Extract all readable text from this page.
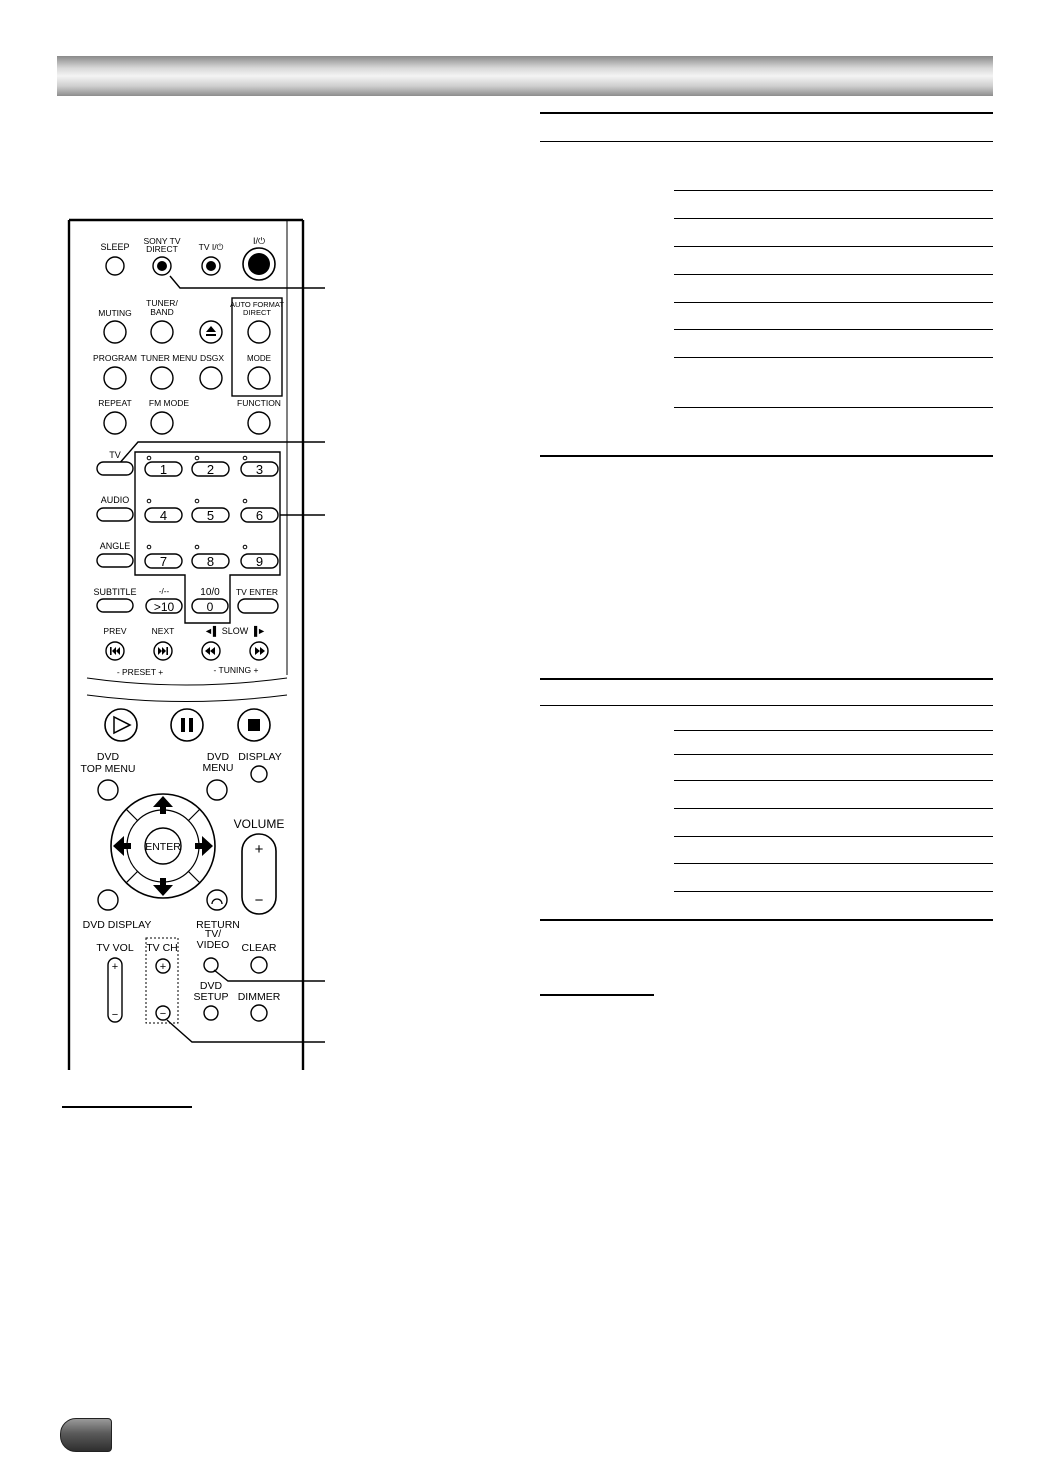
SLEEP
SONY TV
DIRECT TV I/⏻
I/⏻
MUTING
TUNER/
BAND
AUTO FORMAT
DIRECT
PROGRAM TUNER MENU DSGX	MODE
REPEAT FM MODE	FUNCTION
TV
AUDIO
ANGLE
SUBTITLE
1	2	3
4	5	6
7	8	9
-/--
>10
10/0
0
TV ENTER
PREV	NEXT	◄▌ SLOW ▐►
- PRESET +	- TUNING +
DVD
TOP MENU
DVD
MENU
DISPLAY
ENTER
VOLUME
+
−
DVD DISPLAY	RETURN
TV VOL
+
−
TV CH
+
−
TV/
VIDEO CLEAR
DVD
SETUP DIMMER
